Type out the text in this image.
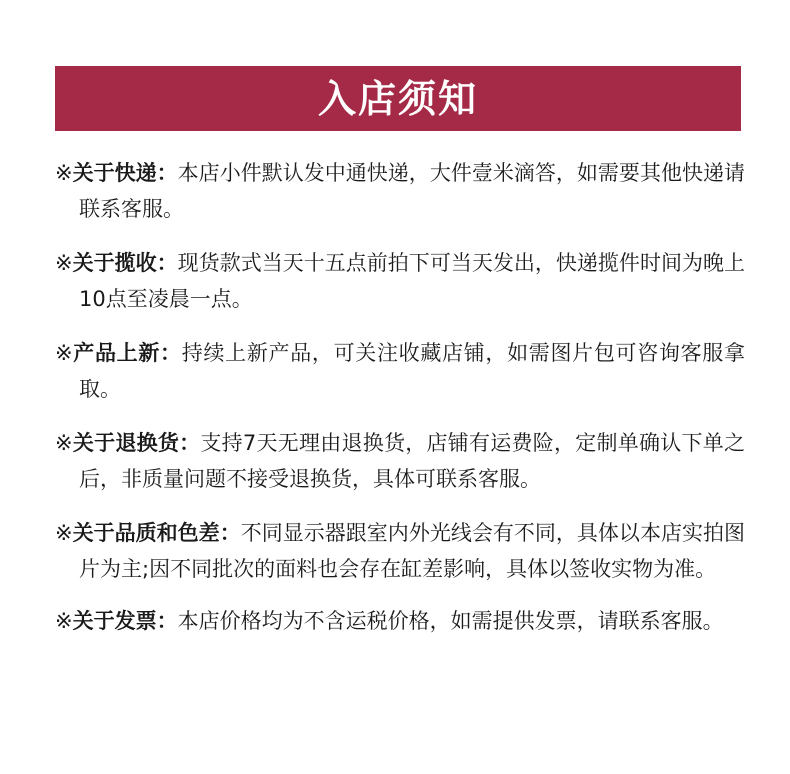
入店须知

※关于快递：本店小件默认发中通快递，大件壹米滴答，如需要其他快递请联系客服。

※关于揽收：现货款式当天十五点前拍下可当天发出，快递揽件时间为晚上10点至凌晨一点。

※产品上新：持续上新产品，可关注收藏店铺，如需图片包可咨询客服拿取。

※关于退换货：支持7天无理由退换货，店铺有运费险，定制单确认下单之后，非质量问题不接受退换货，具体可联系客服。

※关于品质和色差：不同显示器跟室内外光线会有不同，具体以本店实拍图片为主;因不同批次的面料也会存在缸差影响，具体以签收实物为准。

※关于发票：本店价格均为不含运税价格，如需提供发票，请联系客服。
